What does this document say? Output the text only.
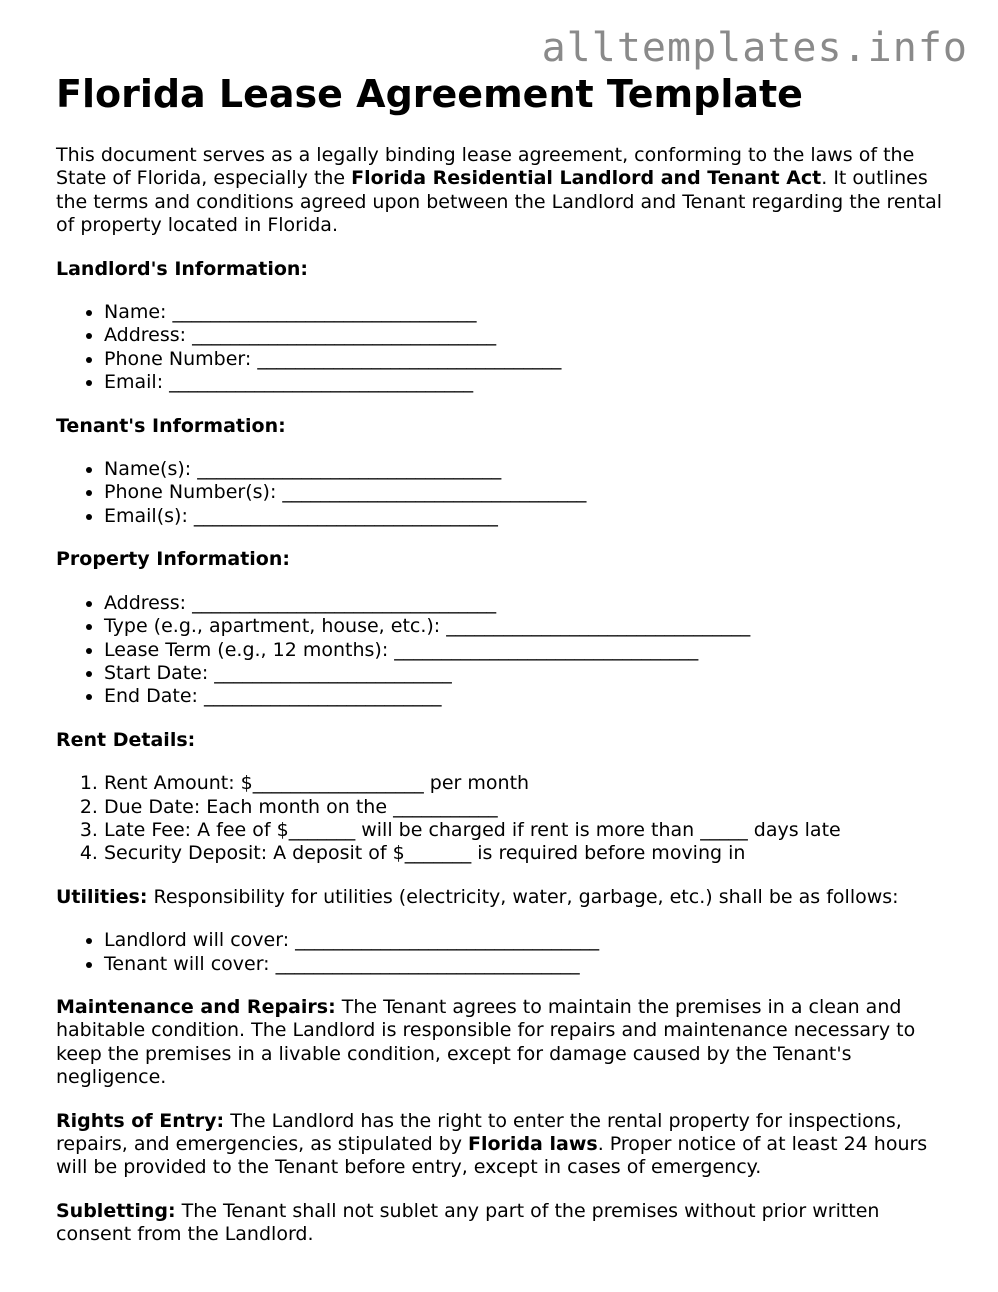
alltemplates.info
Florida Lease Agreement Template

This document serves as a legally binding lease agreement, conforming to the laws of the State of Florida, especially the Florida Residential Landlord and Tenant Act. It outlines the terms and conditions agreed upon between the Landlord and Tenant regarding the rental of property located in Florida.

Landlord's Information:

• Name: ________________________________
• Address: ________________________________
• Phone Number: ________________________________
• Email: ________________________________

Tenant's Information:

• Name(s): ________________________________
• Phone Number(s): ________________________________
• Email(s): ________________________________

Property Information:

• Address: ________________________________
• Type (e.g., apartment, house, etc.): ________________________________
• Lease Term (e.g., 12 months): ________________________________
• Start Date: _________________________
• End Date: _________________________

Rent Details:

1. Rent Amount: $__________________ per month
2. Due Date: Each month on the ___________
3. Late Fee: A fee of $_______ will be charged if rent is more than _____ days late
4. Security Deposit: A deposit of $_______ is required before moving in

Utilities: Responsibility for utilities (electricity, water, garbage, etc.) shall be as follows:

• Landlord will cover: ________________________________
• Tenant will cover: ________________________________

Maintenance and Repairs: The Tenant agrees to maintain the premises in a clean and habitable condition. The Landlord is responsible for repairs and maintenance necessary to keep the premises in a livable condition, except for damage caused by the Tenant's negligence.

Rights of Entry: The Landlord has the right to enter the rental property for inspections, repairs, and emergencies, as stipulated by Florida laws. Proper notice of at least 24 hours will be provided to the Tenant before entry, except in cases of emergency.

Subletting: The Tenant shall not sublet any part of the premises without prior written consent from the Landlord.
